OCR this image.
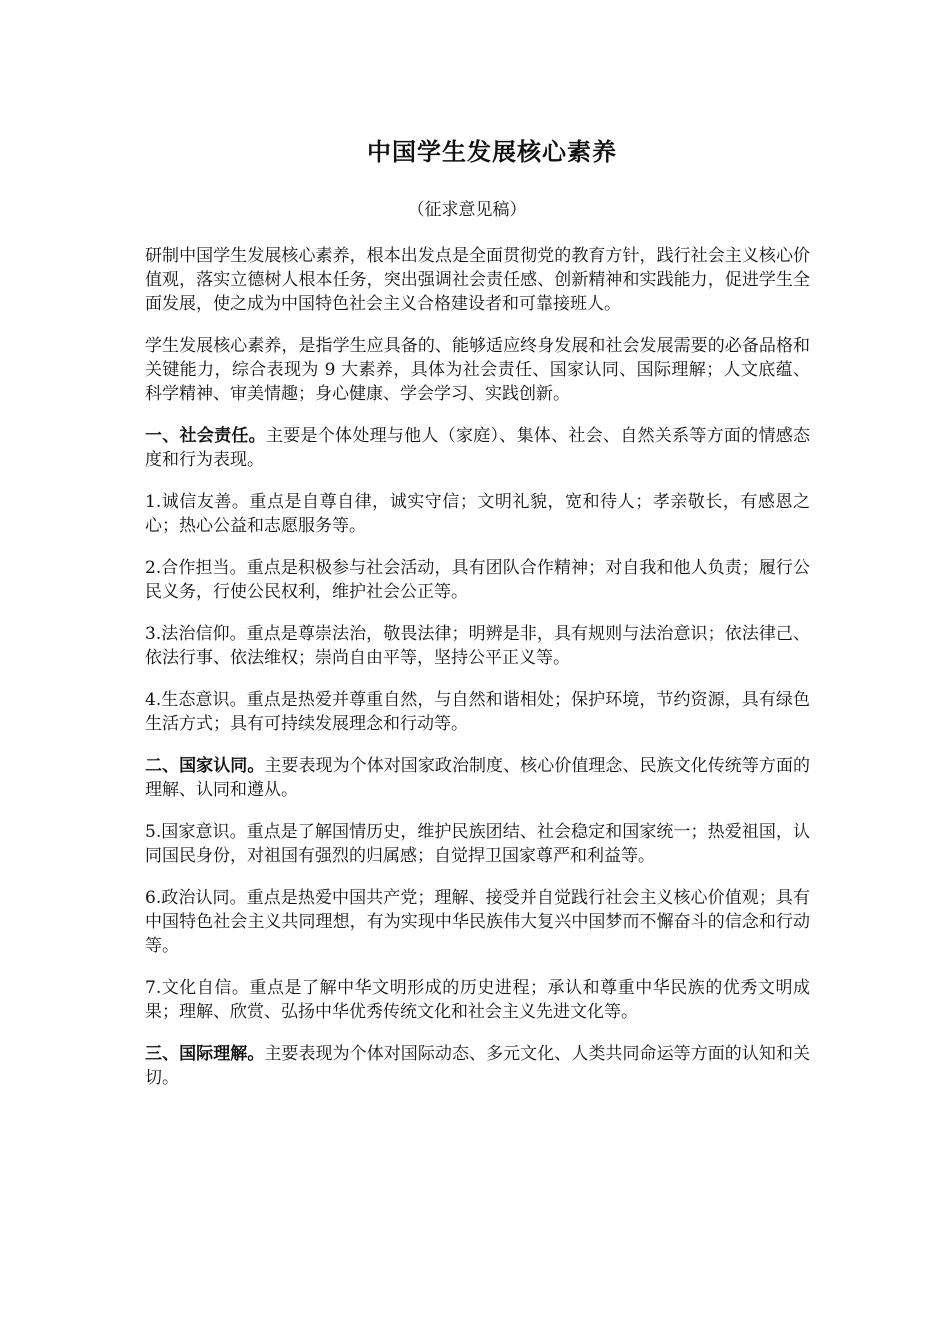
中国学生发展核心素养
（征求意见稿）

研制中国学生发展核心素养，根本出发点是全面贯彻党的教育方针，践行社会主义核心价值观，落实立德树人根本任务，突出强调社会责任感、创新精神和实践能力，促进学生全面发展，使之成为中国特色社会主义合格建设者和可靠接班人。

学生发展核心素养，是指学生应具备的、能够适应终身发展和社会发展需要的必备品格和关键能力，综合表现为 9 大素养，具体为社会责任、国家认同、国际理解；人文底蕴、科学精神、审美情趣；身心健康、学会学习、实践创新。

一、社会责任。主要是个体处理与他人（家庭）、集体、社会、自然关系等方面的情感态度和行为表现。

1.诚信友善。重点是自尊自律，诚实守信；文明礼貌，宽和待人；孝亲敬长，有感恩之心；热心公益和志愿服务等。

2.合作担当。重点是积极参与社会活动，具有团队合作精神；对自我和他人负责；履行公民义务，行使公民权利，维护社会公正等。

3.法治信仰。重点是尊崇法治，敬畏法律；明辨是非，具有规则与法治意识；依法律己、依法行事、依法维权；崇尚自由平等，坚持公平正义等。

4.生态意识。重点是热爱并尊重自然，与自然和谐相处；保护环境，节约资源，具有绿色生活方式；具有可持续发展理念和行动等。

二、国家认同。主要表现为个体对国家政治制度、核心价值理念、民族文化传统等方面的理解、认同和遵从。

5.国家意识。重点是了解国情历史，维护民族团结、社会稳定和国家统一；热爱祖国，认同国民身份，对祖国有强烈的归属感；自觉捍卫国家尊严和利益等。

6.政治认同。重点是热爱中国共产党；理解、接受并自觉践行社会主义核心价值观；具有中国特色社会主义共同理想，有为实现中华民族伟大复兴中国梦而不懈奋斗的信念和行动等。

7.文化自信。重点是了解中华文明形成的历史进程；承认和尊重中华民族的优秀文明成果；理解、欣赏、弘扬中华优秀传统文化和社会主义先进文化等。

三、国际理解。主要表现为个体对国际动态、多元文化、人类共同命运等方面的认知和关切。
